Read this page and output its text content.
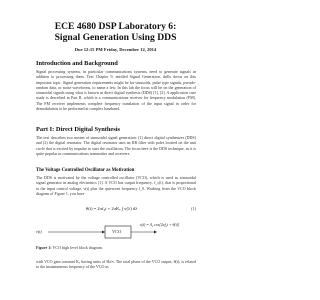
ECE 4680 DSP Laboratory 6:
Signal Generation Using DDS
Due 12:15 PM Friday, December 12, 2014
Introduction and Background
Signal processing systems, in particular communications systems, need to generate signals in addition to processing them. Text Chapter 9, entitled Signal Generation, drills down on this important topic. Signal generation requirements might be for sinusoids, pulse type signals, pseudo-random data, or noise waveforms, to name a few. In this lab the focus will be on the generation of sinusoidal signals using what is known as direct digital synthesis (DDS) [1], [2]. A application case study is described in Part II, which is a communications receiver for frequency modulation (FM). The FM receiver implements complete frequency translation of the input signal in order for demodulation to be performed at complex baseband.
Part I: Direct Digital Synthesis
The text describes two means of sinusoidal signal generation: (1) direct digital synthesizer (DDS) and (2) the digital resonator. The digital resonator uses an IIR filter with poles located on the unit circle that is excited by impulse to start the oscillation. The focus here is the DDS technique, as it is quite popular in communications transmitter and receivers.
The Voltage Controlled Oscillator as Motivation
The DDS is motivated by the voltage controlled oscillator (VCO), which is used as sinusoidal signal generator in analog electronics [1]. A VCO has output frequency, f_c(t), that is proportional to the input control voltage, v(t) plus the quiescent frequency f_0. Working from the VCO block diagram of Figure 1, you have
θ(t) = 2πf₀t + 2πKᵥ ∫ v(λ) dλ	(1)
v(t)	VCO
x(t) = A₀ cos[2πf₀t + θ(t)]
Figure 1: VCO high level block diagram.
with VCO gain constant Kᵥ having units of Hz/v. The total phase of the VCO output, θ(t), is related to the instantaneous frequency of the VCO as
